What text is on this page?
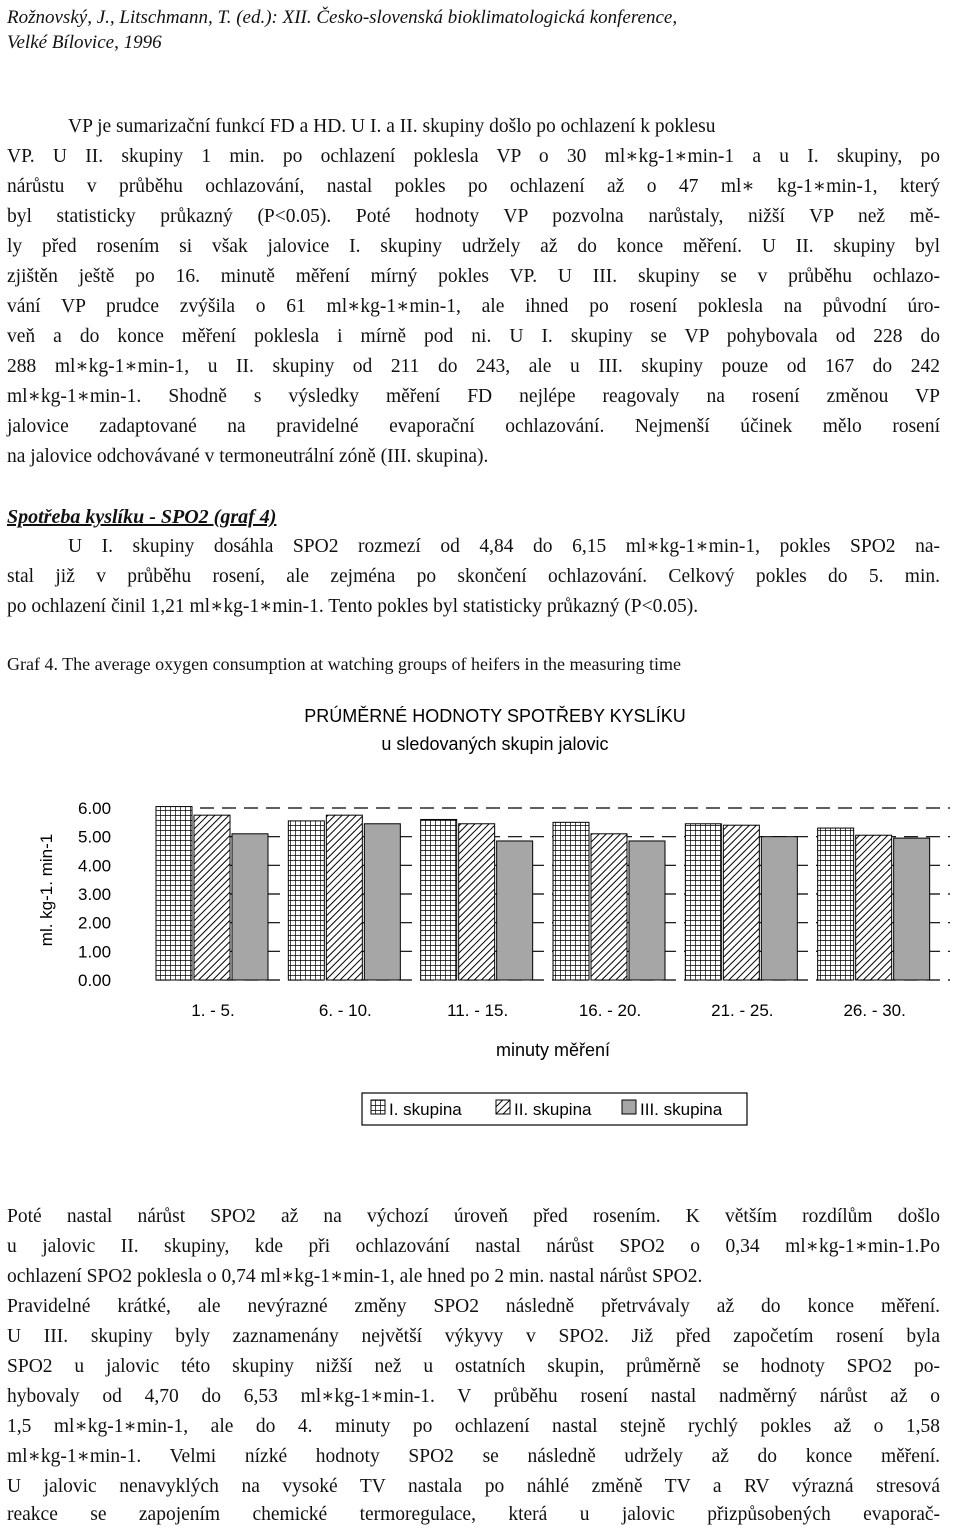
Rožnovský, J., Litschmann, T. (ed.): XII. Česko-slovenská bioklimatologická konference,
Velké Bílovice, 1996
VP je sumarizační funkcí FD a HD. U I. a II. skupiny došlo po ochlazení k poklesu
VP. U II. skupiny 1 min. po ochlazení poklesla VP o 30 ml∗kg-1∗min-1 a u I. skupiny, po
nárůstu v průběhu ochlazování, nastal pokles po ochlazení až o 47 ml∗ kg-1∗min-1, který
byl statisticky průkazný (P<0.05). Poté hodnoty VP pozvolna narůstaly, nižší VP než mě-
ly před rosením si však jalovice I. skupiny udržely až do konce měření. U II. skupiny byl
zjištěn ještě po 16. minutě měření mírný pokles VP. U III. skupiny se v průběhu ochlazo-
vání VP prudce zvýšila o 61 ml∗kg-1∗min-1, ale ihned po rosení poklesla na původní úro-
veň a do konce měření poklesla i mírně pod ni. U I. skupiny se VP pohybovala od 228 do
288 ml∗kg-1∗min-1, u II. skupiny od 211 do 243, ale u III. skupiny pouze od 167 do 242
ml∗kg-1∗min-1. Shodně s výsledky měření FD nejlépe reagovaly na rosení změnou VP
jalovice zadaptované na pravidelné evaporační ochlazování. Nejmenší účinek mělo rosení
na jalovice odchovávané v termoneutrální zóně (III. skupina).
Spotřeba kyslíku - SPO2 (graf 4)
U I. skupiny dosáhla SPO2 rozmezí od 4,84 do 6,15 ml∗kg-1∗min-1, pokles SPO2 na-
stal již v průběhu rosení, ale zejména po skončení ochlazování. Celkový pokles do 5. min.
po ochlazení činil 1,21 ml∗kg-1∗min-1. Tento pokles byl statisticky průkazný (P<0.05).
Graf 4. The average oxygen consumption at watching groups of heifers in the measuring time
PRÚMĚRNÉ HODNOTY SPOTŘEBY KYSLÍKU
u sledovaných skupin jalovic
ml. kg-1. min-1
6.00
5.00
4.00
3.00
2.00
1.00
0.00
1. - 5.	6. - 10.	11. - 15.	16. - 20.	21. - 25.	26. - 30.
minuty měření
I. skupina	II. skupina	III. skupina
Poté nastal nárůst SPO2 až na výchozí úroveň před rosením. K větším rozdílům došlo
u jalovic II. skupiny, kde při ochlazování nastal nárůst SPO2 o 0,34 ml∗kg-1∗min-1.Po
ochlazení SPO2 poklesla o 0,74 ml∗kg-1∗min-1, ale hned po 2 min. nastal nárůst SPO2.
Pravidelné krátké, ale nevýrazné změny SPO2 následně přetrvávaly až do konce měření.
U III. skupiny byly zaznamenány největší výkyvy v SPO2. Již před započetím rosení byla
SPO2 u jalovic této skupiny nižší než u ostatních skupin, průměrně se hodnoty SPO2 po-
hybovaly od 4,70 do 6,53 ml∗kg-1∗min-1. V průběhu rosení nastal nadměrný nárůst až o
1,5 ml∗kg-1∗min-1, ale do 4. minuty po ochlazení nastal stejně rychlý pokles až o 1,58
ml∗kg-1∗min-1. Velmi nízké hodnoty SPO2 se následně udržely až do konce měření.
U jalovic nenavyklých na vysoké TV nastala po náhlé změně TV a RV výrazná stresová
reakce se zapojením chemické termoregulace, která u jalovic přizpůsobených evaporač-
